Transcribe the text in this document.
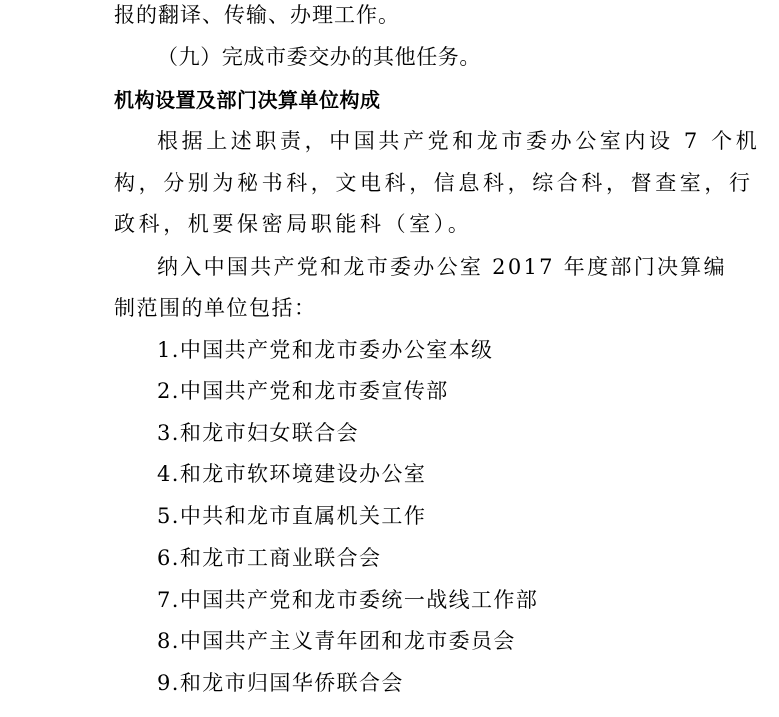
报的翻译、传输、办理工作。
（九）完成市委交办的其他任务。
机构设置及部门决算单位构成
根据上述职责，中国共产党和龙市委办公室内设 7 个机
构，分别为秘书科，文电科，信息科，综合科，督查室，行
政科，机要保密局职能科（室）。
纳入中国共产党和龙市委办公室 2017 年度部门决算编
制范围的单位包括：
1.中国共产党和龙市委办公室本级
2.中国共产党和龙市委宣传部
3.和龙市妇女联合会
4.和龙市软环境建设办公室
5.中共和龙市直属机关工作
6.和龙市工商业联合会
7.中国共产党和龙市委统一战线工作部
8.中国共产主义青年团和龙市委员会
9.和龙市归国华侨联合会
